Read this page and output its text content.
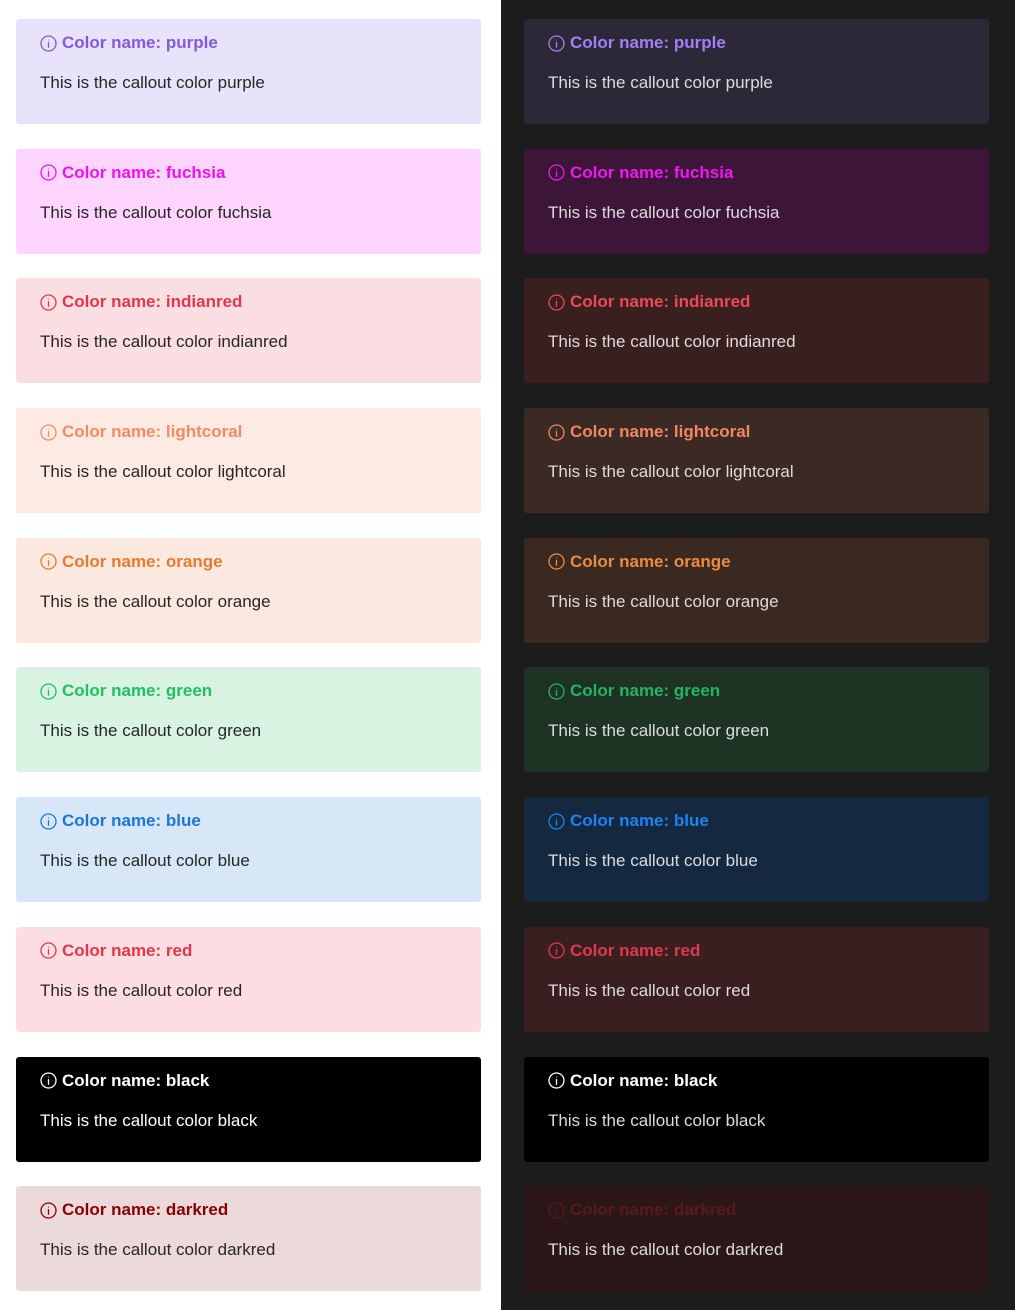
Color name: purple
This is the callout color purple
Color name: fuchsia
This is the callout color fuchsia
Color name: indianred
This is the callout color indianred
Color name: lightcoral
This is the callout color lightcoral
Color name: orange
This is the callout color orange
Color name: green
This is the callout color green
Color name: blue
This is the callout color blue
Color name: red
This is the callout color red
Color name: black
This is the callout color black
Color name: darkred
This is the callout color darkred
Color name: purple
This is the callout color purple
Color name: fuchsia
This is the callout color fuchsia
Color name: indianred
This is the callout color indianred
Color name: lightcoral
This is the callout color lightcoral
Color name: orange
This is the callout color orange
Color name: green
This is the callout color green
Color name: blue
This is the callout color blue
Color name: red
This is the callout color red
Color name: black
This is the callout color black
Color name: darkred
This is the callout color darkred
